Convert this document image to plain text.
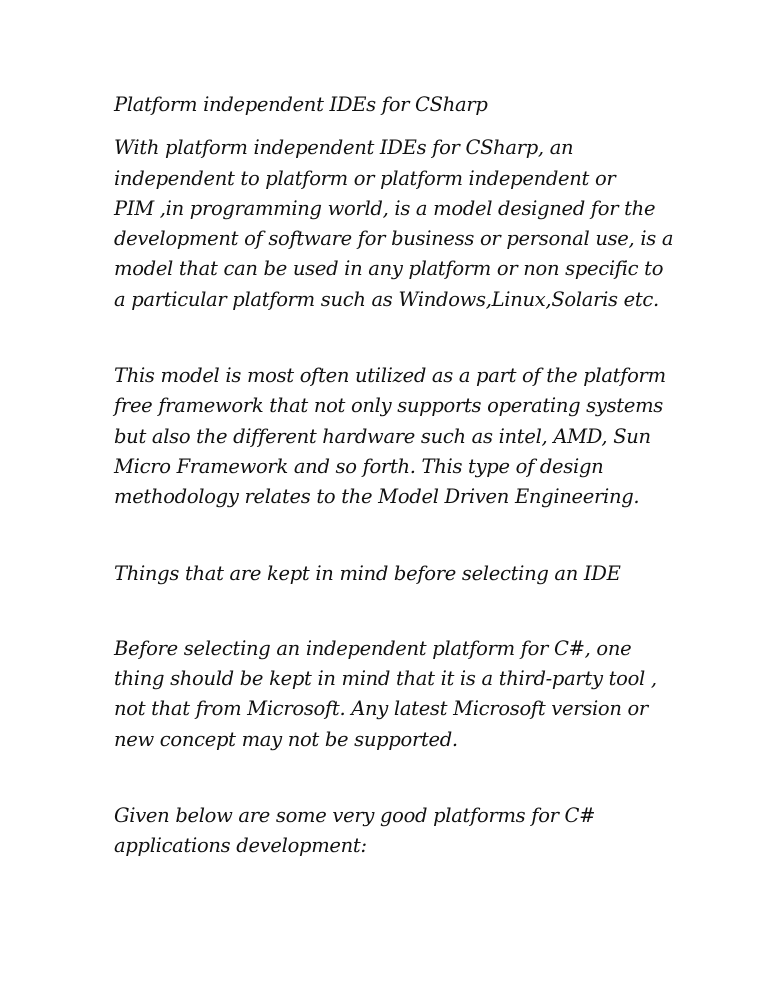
Platform independent IDEs for CSharp
With platform independent IDEs for CSharp, an
independent to platform or platform independent or
PIM ,in programming world, is a model designed for the
development of software for business or personal use, is a
model that can be used in any platform or non specific to
a particular platform such as Windows,Linux,Solaris etc.
This model is most often utilized as a part of the platform
free framework that not only supports operating systems
but also the different hardware such as intel, AMD, Sun
Micro Framework and so forth. This type of design
methodology relates to the Model Driven Engineering.
Things that are kept in mind before selecting an IDE
Before selecting an independent platform for C#, one
thing should be kept in mind that it is a third-party tool ,
not that from Microsoft. Any latest Microsoft version or
new concept may not be supported.
Given below are some very good platforms for C#
applications development:
